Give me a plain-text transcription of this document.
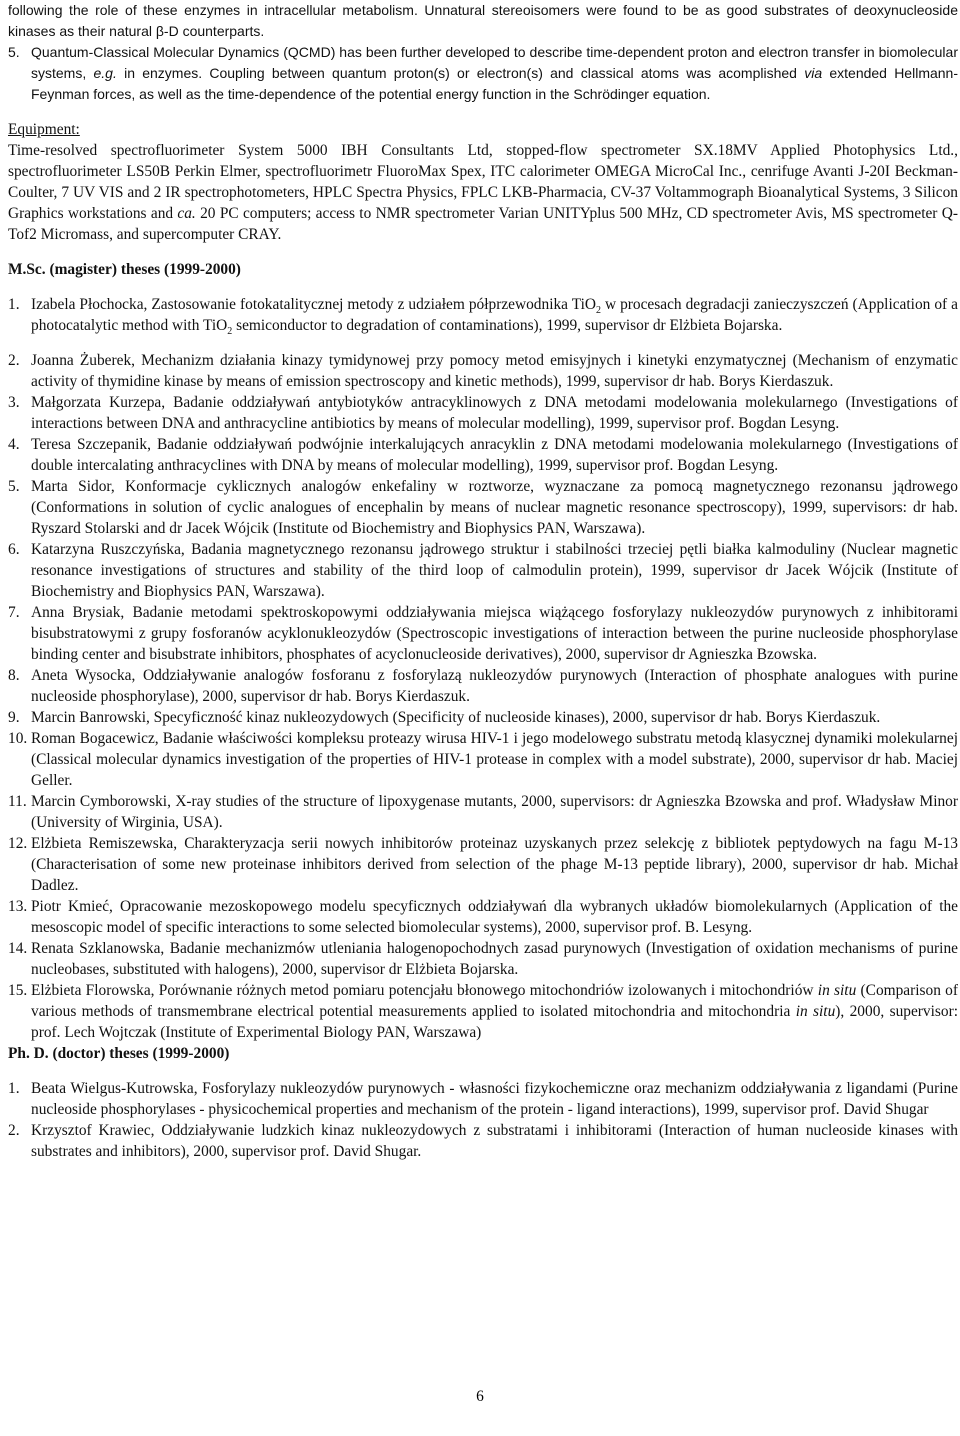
following the role of these enzymes in intracellular metabolism. Unnatural stereoisomers were found to be as good substrates of deoxynucleoside kinases as their natural β-D counterparts.
5. Quantum-Classical Molecular Dynamics (QCMD) has been further developed to describe time-dependent proton and electron transfer in biomolecular systems, e.g. in enzymes. Coupling between quantum proton(s) or electron(s) and classical atoms was acomplished via extended Hellmann-Feynman forces, as well as the time-dependence of the potential energy function in the Schrödinger equation.
Equipment:
Time-resolved spectrofluorimeter System 5000 IBH Consultants Ltd, stopped-flow spectrometer SX.18MV Applied Photophysics Ltd., spectrofluorimeter LS50B Perkin Elmer, spectrofluorimetr FluoroMax Spex, ITC calorimeter OMEGA MicroCal Inc., cenrifuge Avanti J-20I Beckman-Coulter, 7 UV VIS and 2 IR spectrophotometers, HPLC Spectra Physics, FPLC LKB-Pharmacia, CV-37 Voltammograph Bioanalytical Systems, 3 Silicon Graphics workstations and ca. 20 PC computers; access to NMR spectrometer Varian UNITYplus 500 MHz, CD spectrometer Avis, MS spectrometer Q-Tof2 Micromass, and supercomputer CRAY.
M.Sc. (magister) theses (1999-2000)
1. Izabela Płochocka, Zastosowanie fotokatalitycznej metody z udziałem półprzewodnika TiO$_2$ w procesach degradacji zanieczyszczeń (Application of a photocatalytic method with TiO$_2$ semiconductor to degradation of contaminations), 1999, supervisor dr Elżbieta Bojarska.
2. Joanna Żuberek, Mechanizm działania kinazy tymidynowej przy pomocy metod emisyjnych i kinetyki enzymatycznej (Mechanism of enzymatic activity of thymidine kinase by means of emission spectroscopy and kinetic methods), 1999, supervisor dr hab. Borys Kierdaszuk.
3. Małgorzata Kurzepa, Badanie oddziaływań antybiotyków antracyklinowych z DNA metodami modelowania molekularnego (Investigations of interactions between DNA and anthracycline antibiotics by means of molecular modelling), 1999, supervisor prof. Bogdan Lesyng.
4. Teresa Szczepanik, Badanie oddziaływań podwójnie interkalujących anracyklin z DNA metodami modelowania molekularnego (Investigations of double intercalating anthracyclines with DNA by means of molecular modelling), 1999, supervisor prof. Bogdan Lesyng.
5. Marta Sidor, Konformacje cyklicznych analogów enkefaliny w roztworze, wyznaczane za pomocą magnetycznego rezonansu jądrowego (Conformations in solution of cyclic analogues of encephalin by means of nuclear magnetic resonance spectroscopy), 1999, supervisors: dr hab. Ryszard Stolarski and dr Jacek Wójcik (Institute od Biochemistry and Biophysics PAN, Warszawa).
6. Katarzyna Ruszczyńska, Badania magnetycznego rezonansu jądrowego struktur i stabilności trzeciej pętli białka kalmoduliny (Nuclear magnetic resonance investigations of structures and stability of the third loop of calmodulin protein), 1999, supervisor dr Jacek Wójcik (Institute of Biochemistry and Biophysics PAN, Warszawa).
7. Anna Brysiak, Badanie metodami spektroskopowymi oddziaływania miejsca wiążącego fosforylazy nukleozydów purynowych z inhibitorami bisubstratowymi z grupy fosforanów acyklonukleozydów (Spectroscopic investigations of interaction between the purine nucleoside phosphorylase binding center and bisubstrate inhibitors, phosphates of acyclonucleoside derivatives), 2000, supervisor dr Agnieszka Bzowska.
8. Aneta Wysocka, Oddziaływanie analogów fosforanu z fosforylazą nukleozydów purynowych (Interaction of phosphate analogues with purine nucleoside phosphorylase), 2000, supervisor dr hab. Borys Kierdaszuk.
9. Marcin Banrowski, Specyficzność kinaz nukleozydowych (Specificity of nucleoside kinases), 2000, supervisor dr hab. Borys Kierdaszuk.
10. Roman Bogacewicz, Badanie właściwości kompleksu proteazy wirusa HIV-1 i jego modelowego substratu metodą klasycznej dynamiki molekularnej (Classical molecular dynamics investigation of the properties of HIV-1 protease in complex with a model substrate), 2000, supervisor dr hab. Maciej Geller.
11. Marcin Cymborowski, X-ray studies of the structure of lipoxygenase mutants, 2000, supervisors: dr Agnieszka Bzowska and prof. Władysław Minor (University of Wirginia, USA).
12. Elżbieta Remiszewska, Charakteryzacja serii nowych inhibitorów proteinaz uzyskanych przez selekcję z bibliotek peptydowych na fagu M-13 (Characterisation of some new proteinase inhibitors derived from selection of the phage M-13 peptide library), 2000, supervisor dr hab. Michał Dadlez.
13. Piotr Kmieć, Opracowanie mezoskopowego modelu specyficznych oddziaływań dla wybranych układów biomolekularnych (Application of the mesoscopic model of specific interactions to some selected biomolecular systems), 2000, supervisor prof. B. Lesyng.
14. Renata Szklanowska, Badanie mechanizmów utleniania halogenopochodnych zasad purynowych (Investigation of oxidation mechanisms of purine nucleobases, substituted with halogens), 2000, supervisor dr Elżbieta Bojarska.
15. Elżbieta Florowska, Porównanie różnych metod pomiaru potencjału błonowego mitochondriów izolowanych i mitochondriów in situ (Comparison of various methods of transmembrane electrical potential measurements applied to isolated mitochondria and mitochondria in situ), 2000, supervisor: prof. Lech Wojtczak (Institute of Experimental Biology PAN, Warszawa)
Ph. D. (doctor) theses (1999-2000)
1. Beata Wielgus-Kutrowska, Fosforylazy nukleozydów purynowych - własności fizykochemiczne oraz mechanizm oddziaływania z ligandami (Purine nucleoside phosphorylases - physicochemical properties and mechanism of the protein - ligand interactions), 1999, supervisor prof. David Shugar
2. Krzysztof Krawiec, Oddziaływanie ludzkich kinaz nukleozydowych z substratami i inhibitorami (Interaction of human nucleoside kinases with substrates and inhibitors), 2000, supervisor prof. David Shugar.
6
